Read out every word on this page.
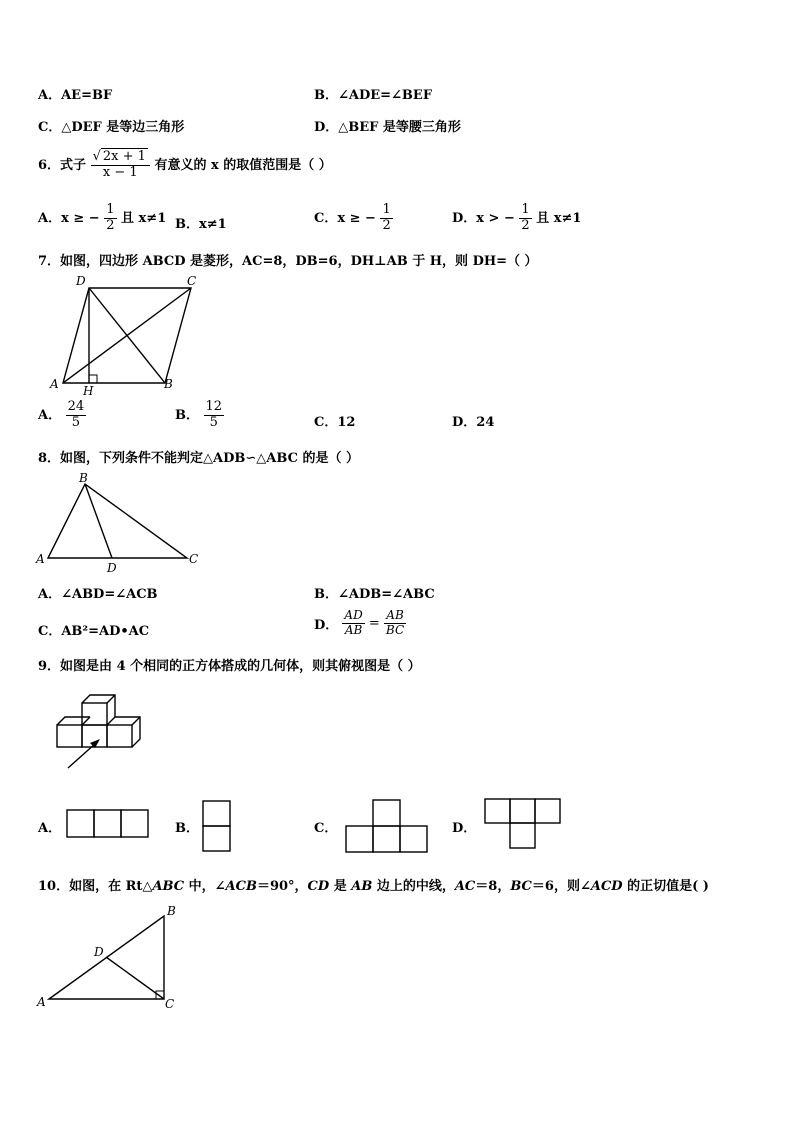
A．AE=BF	B．∠ADE=∠BEF
C．△DEF 是等边三角形	D．△BEF 是等腰三角形
6．式子 $\frac{√ 2x + 1}{x - 1}$ 有意义的 x 的取值范围是（ ）
A．x ≥ − $\frac{1}{2}$ 且 x≠1 B．x≠1	C．x ≥ − $\frac{1}{2}$	D．x > − $\frac{1}{2}$ 且 x≠1
7．如图，四边形 ABCD 是菱形，AC=8，DB=6，DH⊥AB 于 H，则 DH=（ ）
A
D	C
B
H
A． $\frac{24}{5}$	B． $\frac{12}{5}$	C．12	D．24
8．如图，下列条件不能判定△ADB∽△ABC 的是（ ）
A
B
C
D
A．∠ABD=∠ACB	B．∠ADB=∠ABC
C．AB²=AD•AC	D． $\frac{AD}{AB} = \frac{AB}{BC}$
9．如图是由 4 个相同的正方体搭成的几何体，则其俯视图是（ ）
A．	B．	C．	D．
10．如图，在 Rt△ABC 中，∠ACB＝90°，CD 是 AB 边上的中线，AC＝8，BC＝6，则∠ACD 的正切值是( )
A
B
C
D
